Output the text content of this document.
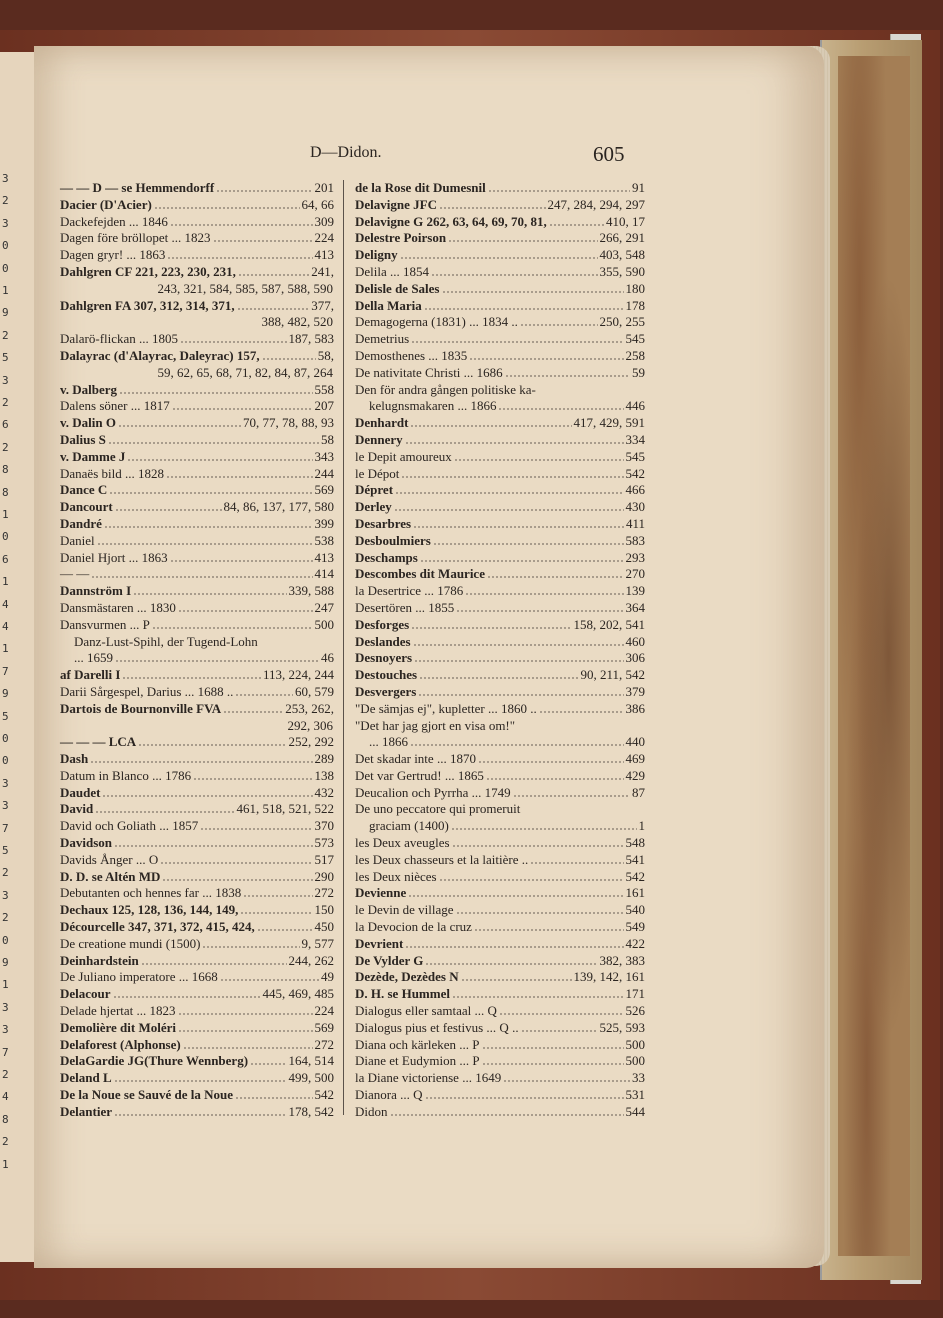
3
2
3
0
0
1
9
2
5
3
2
6
2
8
8
1
0
6
1
4
4
1
7
9
5
0
0
3
3
7
5
2
3
2
0
9
1
3
3
7
2
4
8
2
1
D—Didon.	605
— — D — se Hemmendorff	201
Dacier (D'Acier)	64, 66
Dackefejden ... 1846	309
Dagen före bröllopet ... 1823	224
Dagen gryr! ... 1863	413
Dahlgren CF 221, 223, 230, 231,	241,
243, 321, 584, 585, 587, 588, 590
Dahlgren FA 307, 312, 314, 371,	377,
388, 482, 520
Dalarö-flickan ... 1805	187, 583
Dalayrac (d'Alayrac, Daleyrac) 157,	58,
59, 62, 65, 68, 71, 82, 84, 87, 264
v. Dalberg	558
Dalens söner ... 1817	207
v. Dalin O	70, 77, 78, 88, 93
Dalius S	58
v. Damme J	343
Danaës bild ... 1828	244
Dance C	569
Dancourt	84, 86, 137, 177, 580
Dandré	399
Daniel	538
Daniel Hjort ... 1863	413
— —	414
Dannström I	339, 588
Dansmästaren ... 1830	247
Dansvurmen ... P	500
Danz-Lust-Spihl, der Tugend-Lohn
... 1659	46
af Darelli I	113, 224, 244
Darii Sårgespel, Darius ... 1688 ..	60, 579
Dartois de Bournonville FVA	253, 262,
292, 306
— — — LCA	252, 292
Dash	289
Datum in Blanco ... 1786	138
Daudet	432
David	461, 518, 521, 522
David och Goliath ... 1857	370
Davidson	573
Davids Ånger ... O	517
D. D. se Altén MD	290
Debutanten och hennes far ... 1838	272
Dechaux 125, 128, 136, 144, 149,	150
Décourcelle 347, 371, 372, 415, 424,	450
De creatione mundi (1500)	9, 577
Deinhardstein	244, 262
De Juliano imperatore ... 1668	49
Delacour	445, 469, 485
Delade hjertat ... 1823	224
Demolière dit Moléri	569
Delaforest (Alphonse)	272
DelaGardie JG(Thure Wennberg)	164, 514
Deland L	499, 500
De la Noue se Sauvé de la Noue	542
Delantier	178, 542
de la Rose dit Dumesnil	91
Delavigne JFC	247, 284, 294, 297
Delavigne G 262, 63, 64, 69, 70, 81,	410, 17
Delestre Poirson	266, 291
Deligny	403, 548
Delila ... 1854	355, 590
Delisle de Sales	180
Della Maria	178
Demagogerna (1831) ... 1834 ..	250, 255
Demetrius	545
Demosthenes ... 1835	258
De nativitate Christi ... 1686	59
Den för andra gången politiske ka-
kelugnsmakaren ... 1866	446
Denhardt	417, 429, 591
Dennery	334
le Depit amoureux	545
le Dépot	542
Dépret	466
Derley	430
Desarbres	411
Desboulmiers	583
Deschamps	293
Descombes dit Maurice	270
la Desertrice ... 1786	139
Desertören ... 1855	364
Desforges	158, 202, 541
Deslandes	460
Desnoyers	306
Destouches	90, 211, 542
Desvergers	379
"De sämjas ej", kupletter ... 1860 ..	386
"Det har jag gjort en visa om!"
... 1866	440
Det skadar inte ... 1870	469
Det var Gertrud! ... 1865	429
Deucalion och Pyrrha ... 1749	87
De uno peccatore qui promeruit
graciam (1400)	1
les Deux aveugles	548
les Deux chasseurs et la laitière ..	541
les Deux nièces	542
Devienne	161
le Devin de village	540
la Devocion de la cruz	549
Devrient	422
De Vylder G	382, 383
Dezède, Dezèdes N	139, 142, 161
D. H. se Hummel	171
Dialogus eller samtaal ... Q	526
Dialogus pius et festivus ... Q ..	525, 593
Diana och kärleken ... P	500
Diane et Eudymion ... P	500
la Diane victoriense ... 1649	33
Dianora ... Q	531
Didon	544
